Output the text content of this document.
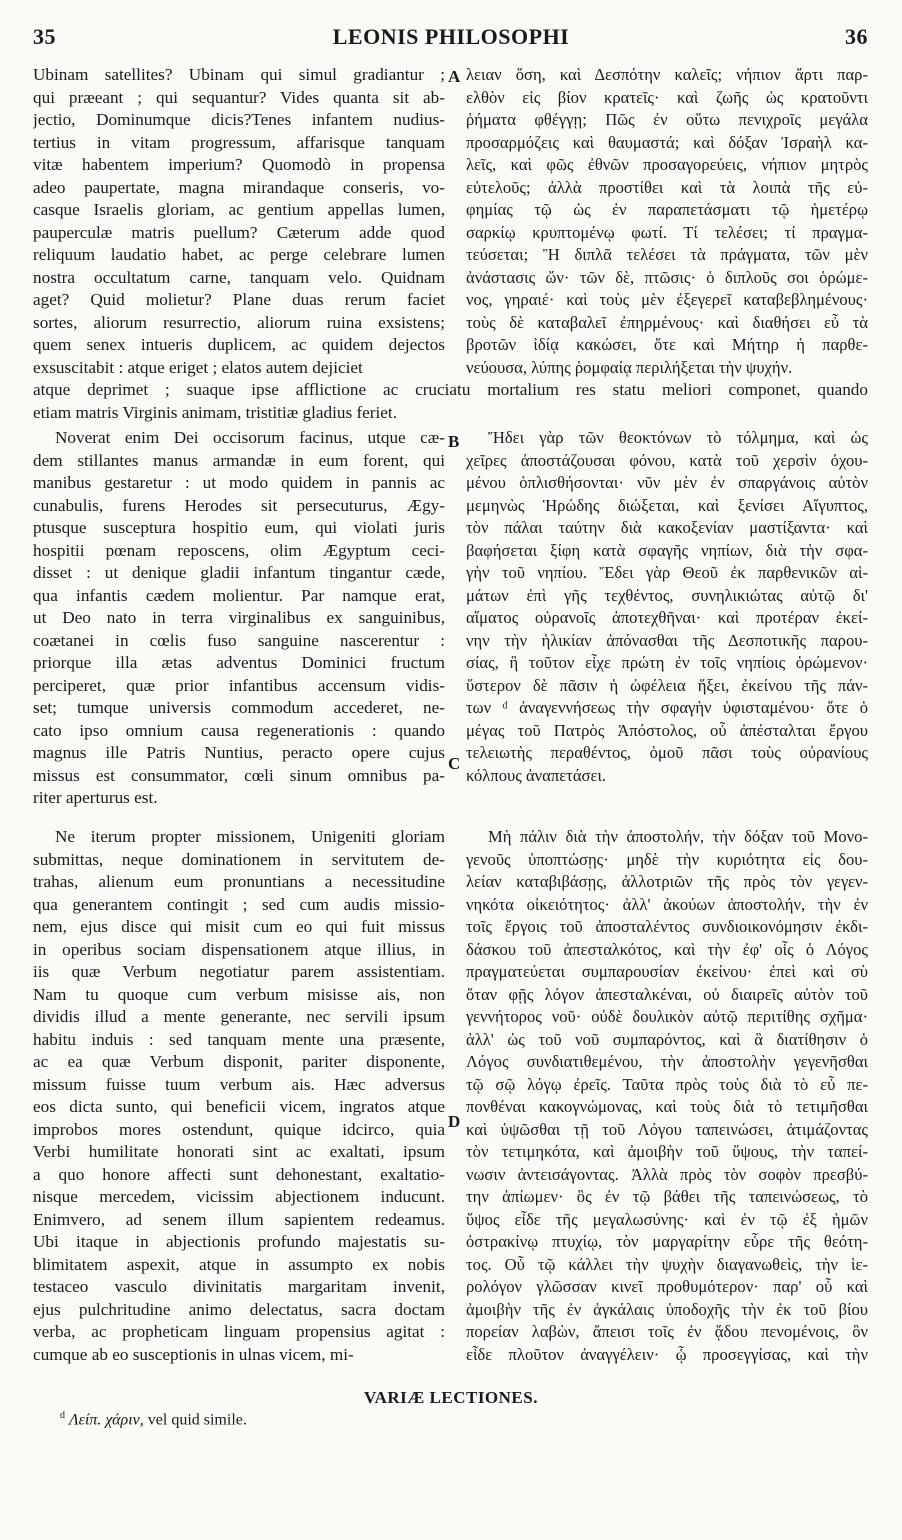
35	LEONIS PHILOSOPHI	36
Ubinam satellites? Ubinam qui simul gradiantur ;
qui præeant ; qui sequantur? Vides quanta sit ab-
jectio, Dominumque dicis?Tenes infantem nudius-
tertius in vitam progressum, affarisque tanquam
vitæ habentem imperium? Quomodò in propensa
adeo paupertate, magna mirandaque conseris, vo-
casque Israelis gloriam, ac gentium appellas lumen,
pauperculæ matris puellum? Cæterum adde quod
reliquum laudatio habet, ac perge celebrare lumen
nostra occultatum carne, tanquam velo. Quidnam
aget? Quid molietur? Plane duas rerum faciet
sortes, aliorum resurrectio, aliorum ruina exsistens;
quem senex intueris duplicem, ac quidem dejectos
exsuscitabit : atque eriget ; elatos autem dejiciet
λειαν ὅση, καὶ Δεσπότην καλεῖς; νήπιον ἄρτι παρ-
ελθὸν εἰς βίον κρατεῖς· καὶ ζωῆς ὡς κρατοῦντι
ῥήματα φθέγγῃ; Πῶς ἐν οὕτω πενιχροῖς μεγάλα
προσαρμόζεις καὶ θαυμαστά; καὶ δόξαν Ἰσραὴλ κα-
λεῖς, καὶ φῶς ἐθνῶν προσαγορεύεις, νήπιον μητρὸς
εὐτελοῦς; ἀλλὰ προστίθει καὶ τὰ λοιπὰ τῆς εὐ-
φημίας τῷ ὡς ἐν παραπετάσματι τῷ ἡμετέρῳ
σαρκίῳ κρυπτομένῳ φωτί. Τί τελέσει; τί πραγμα-
τεύσεται; Ἢ διπλᾶ τελέσει τὰ πράγματα, τῶν μὲν
ἀνάστασις ὤν· τῶν δὲ, πτῶσις· ὁ διπλοῦς σοι ὁρώμε-
νος, γηραιέ· καὶ τοὺς μὲν ἐξεγερεῖ καταβεβλημένους·
τοὺς δὲ καταβαλεῖ ἐπηρμένους· καὶ διαθήσει εὖ τὰ
βροτῶν ἰδίᾳ κακώσει, ὅτε καὶ Μήτηρ ἡ παρθε-
νεύουσα, λύπης ῥομφαίᾳ περιλήξεται τὴν ψυχήν.
A
atque deprimet ; suaque ipse afflictione ac cruciatu mortalium res statu meliori componet, quando
etiam matris Virginis animam, tristitiæ gladius feriet.
Noverat enim Dei occisorum facinus, utque cæ-
dem stillantes manus armandæ in eum forent, qui
manibus gestaretur : ut modo quidem in pannis ac
cunabulis, furens Herodes sit persecuturus, Ægy-
ptusque susceptura hospitio eum, qui violati juris
hospitii pœnam reposcens, olim Ægyptum ceci-
disset : ut denique gladii infantum tingantur cæde,
qua infantis cædem molientur. Par namque erat,
ut Deo nato in terra virginalibus ex sanguinibus,
coætanei in cœlis fuso sanguine nascerentur :
priorque illa ætas adventus Dominici fructum
perciperet, quæ prior infantibus accensum vidis-
set; tumque universis commodum accederet, ne-
cato ipso omnium causa regenerationis : quando
magnus ille Patris Nuntius, peracto opere cujus
missus est consummator, cœli sinum omnibus pa-
riter aperturus est.
Ἤδει γὰρ τῶν θεοκτόνων τὸ τόλμημα, καὶ ὡς
χεῖρες ἀποστάζουσαι φόνου, κατὰ τοῦ χερσὶν ὀχου-
μένου ὁπλισθήσονται· νῦν μὲν ἐν σπαργάνοις αὐτὸν
μεμηνὼς Ἡρώδης διώξεται, καὶ ξενίσει Αἴγυπτος,
τὸν πάλαι ταύτην διὰ κακοξενίαν μαστίξαντα· καὶ
βαφήσεται ξίφη κατὰ σφαγῆς νηπίων, διὰ τὴν σφα-
γὴν τοῦ νηπίου. Ἔδει γὰρ Θεοῦ ἐκ παρθενικῶν αἱ-
μάτων ἐπὶ γῆς τεχθέντος, συνηλικιώτας αὐτῷ δι'
αἵματος οὐρανοῖς ἀποτεχθῆναι· καὶ προτέραν ἐκεί-
νην τὴν ἡλικίαν ἀπόνασθαι τῆς Δεσποτικῆς παρου-
σίας, ἣ τοῦτον εἶχε πρώτη ἐν τοῖς νηπίοις ὁρώμενον·
ὕστερον δὲ πᾶσιν ἡ ὠφέλεια ἥξει, ἐκείνου τῆς πάν-
των ᵈ ἀναγεννήσεως τὴν σφαγὴν ὑφισταμένου· ὅτε ὁ
μέγας τοῦ Πατρὸς Ἀπόστολος, οὗ ἀπέσταλται ἔργου
τελειωτὴς περαθέντος, ὁμοῦ πᾶσι τοὺς οὐρανίους
κόλπους ἀναπετάσει.
B
C
Ne iterum propter missionem, Unigeniti gloriam
submittas, neque dominationem in servitutem de-
trahas, alienum eum pronuntians a necessitudine
qua generantem contingit ; sed cum audis missio-
nem, ejus disce qui misit cum eo qui fuit missus
in operibus sociam dispensationem atque illius, in
iis quæ Verbum negotiatur parem assistentiam.
Nam tu quoque cum verbum misisse ais, non
dividis illud a mente generante, nec servili ipsum
habitu induis : sed tanquam mente una præsente,
ac ea quæ Verbum disponit, pariter disponente,
missum fuisse tuum verbum ais. Hæc adversus
eos dicta sunto, qui beneficii vicem, ingratos atque
improbos mores ostendunt, quique idcirco, quia
Verbi humilitate honorati sint ac exaltati, ipsum
a quo honore affecti sunt dehonestant, exaltatio-
nisque mercedem, vicissim abjectionem inducunt.
Enimvero, ad senem illum sapientem redeamus.
Ubi itaque in abjectionis profundo majestatis su-
blimitatem aspexit, atque in assumpto ex nobis
testaceo vasculo divinitatis margaritam invenit,
ejus pulchritudine animo delectatus, sacra doctam
verba, ac propheticam linguam propensius agitat :
cumque ab eo susceptionis in ulnas vicem, mi-
Μὴ πάλιν διὰ τὴν ἀποστολήν, τὴν δόξαν τοῦ Μονο-
γενοῦς ὑποπτώσῃς· μηδὲ τὴν κυριότητα εἰς δου-
λείαν καταβιβάσῃς, ἀλλοτριῶν τῆς πρὸς τὸν γεγεν-
νηκότα οἰκειότητος· ἀλλ' ἀκούων ἀποστολήν, τὴν ἐν
τοῖς ἔργοις τοῦ ἀποσταλέντος συνδιοικονόμησιν ἐκδι-
δάσκου τοῦ ἀπεσταλκότος, καὶ τὴν ἐφ' οἷς ὁ Λόγος
πραγματεύεται συμπαρουσίαν ἐκείνου· ἐπεὶ καὶ σὺ
ὅταν φῇς λόγον ἀπεσταλκέναι, οὐ διαιρεῖς αὐτὸν τοῦ
γεννήτορος νοῦ· οὐδὲ δουλικὸν αὐτῷ περιτίθης σχῆμα·
ἀλλ' ὡς τοῦ νοῦ συμπαρόντος, καὶ ἃ διατίθησιν ὁ
Λόγος συνδιατιθεμένου, τὴν ἀποστολὴν γεγενῆσθαι
τῷ σῷ λόγῳ ἐρεῖς. Ταῦτα πρὸς τοὺς διὰ τὸ εὖ πε-
πονθέναι κακογνώμονας, καὶ τοὺς διὰ τὸ τετιμῆσθαι
καὶ ὑψῶσθαι τῇ τοῦ Λόγου ταπεινώσει, ἀτιμάζοντας
τὸν τετιμηκότα, καὶ ἀμοιβὴν τοῦ ὕψους, τὴν ταπεί-
νωσιν ἀντεισάγοντας. Ἀλλὰ πρὸς τὸν σοφὸν πρεσβύ-
την ἀπίωμεν· ὃς ἐν τῷ βάθει τῆς ταπεινώσεως, τὸ
ὕψος εἶδε τῆς μεγαλωσύνης· καὶ ἐν τῷ ἐξ ἡμῶν
ὀστρακίνῳ πτυχίῳ, τὸν μαργαρίτην εὗρε τῆς θεότη-
τος. Οὗ τῷ κάλλει τὴν ψυχὴν διαγανωθεὶς, τὴν ἱε-
ρολόγον γλῶσσαν κινεῖ προθυμότερον· παρ' οὗ καὶ
ἀμοιβὴν τῆς ἐν ἀγκάλαις ὑποδοχῆς τὴν ἐκ τοῦ βίου
πορείαν λαβὼν, ἄπεισι τοῖς ἐν ᾅδου πενομένοις, ὃν
εἶδε πλοῦτον ἀναγγέλειν· ᾧ προσεγγίσας, καὶ τὴν
D
VARIÆ LECTIONES.
$^d$ Λείπ. χάριν, vel quid simile.
